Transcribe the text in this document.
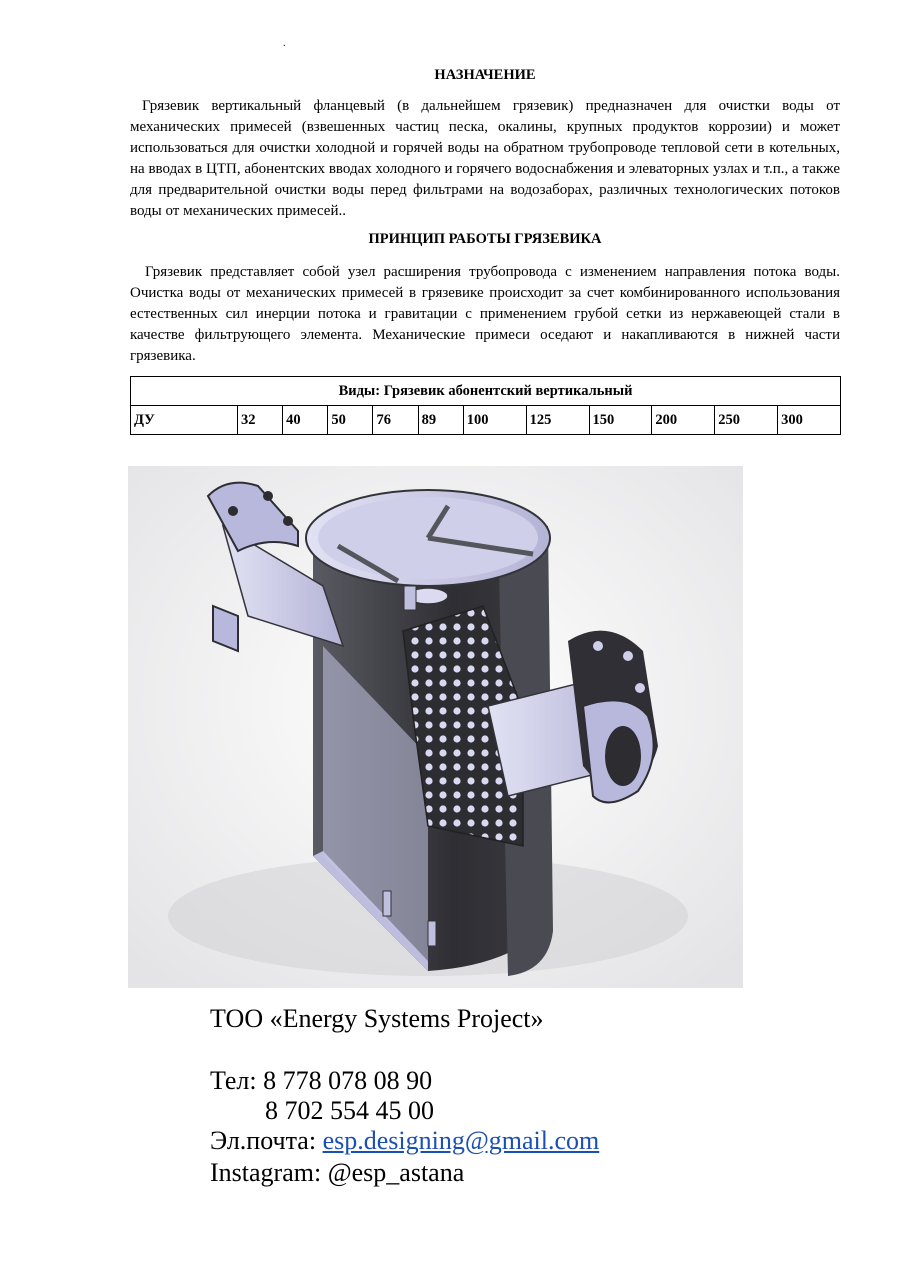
.
НАЗНАЧЕНИЕ

Грязевик вертикальный фланцевый (в дальнейшем грязевик) предназначен для очистки воды от механических примесей (взвешенных частиц песка, окалины, крупных продуктов коррозии) и может использоваться для очистки холодной и горячей воды на обратном трубопроводе тепловой сети в котельных, на вводах в ЦТП, абонентских вводах холодного и горячего водоснабжения и элеваторных узлах и т.п., а также для предварительной очистки воды перед фильтрами на водозаборах, различных технологических потоков воды от механических примесей..

ПРИНЦИП РАБОТЫ ГРЯЗЕВИКА

Грязевик представляет собой узел расширения трубопровода с изменением направления потока воды. Очистка воды от механических примесей в грязевике происходит за счет комбинированного использования естественных сил инерции потока и гравитации с применением грубой сетки из нержавеющей стали в качестве фильтрующего элемента. Механические примеси оседают и накапливаются в нижней части грязевика.

Виды: Грязевик абонентский вертикальный
ДУ	32	40	50	76	89	100	125	150	200	250	300
ТОО «Energy Systems Project»
Тел: 8 778 078 08 90
8 702 554 45 00
Эл.почта: esp.designing@gmail.com
Instagram: @esp_astana
